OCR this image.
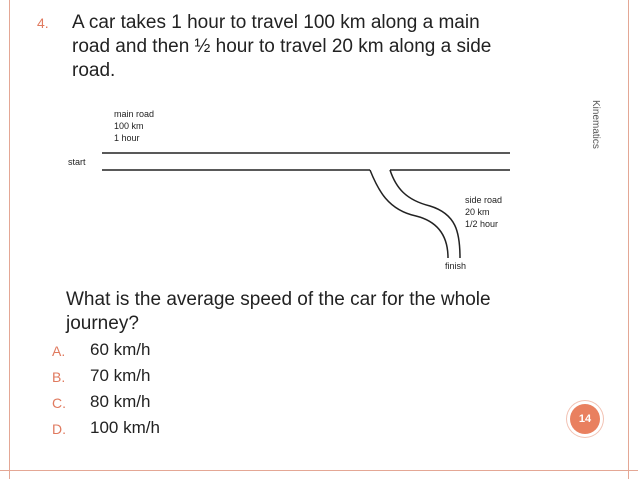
4. A car takes 1 hour to travel 100 km along a main road and then ½ hour to travel 20 km along a side road.
Kinematics
main road
100 km
1 hour
start
side road
20 km
1/2 hour
finish
What is the average speed of the car for the whole journey?
A. 60 km/h
B. 70 km/h
C. 80 km/h
D. 100 km/h	14
